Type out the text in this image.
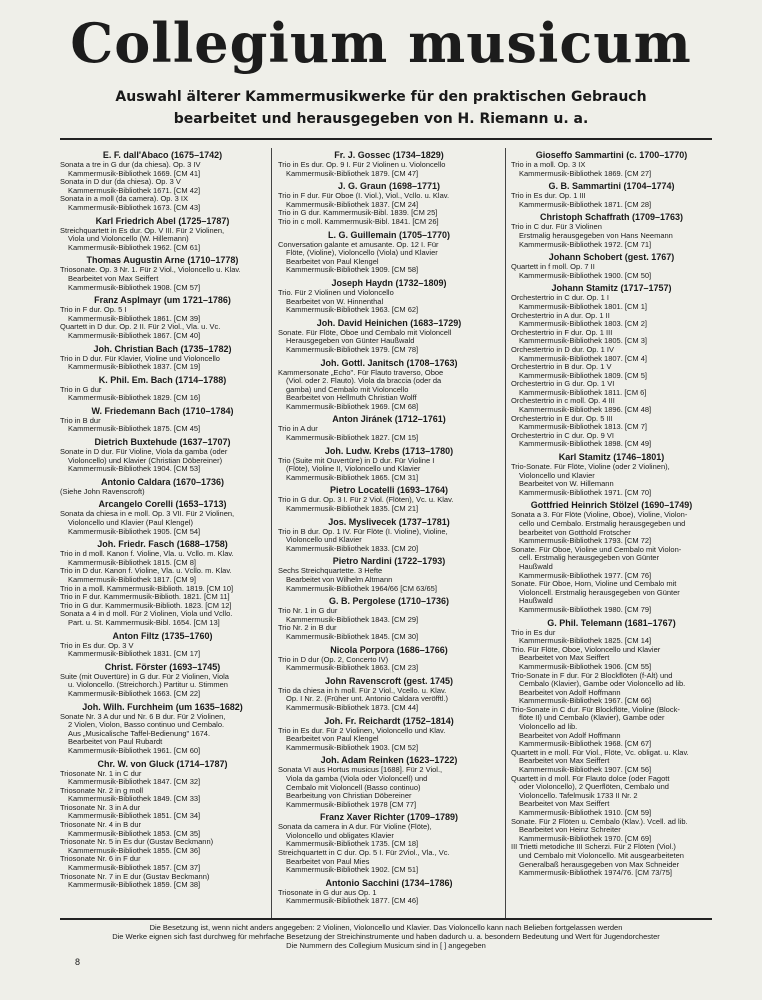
Collegium musicum
Auswahl älterer Kammermusikwerke für den praktischen Gebrauch
bearbeitet und herausgegeben von H. Riemann u. a.
E. F. dall'Abaco (1675–1742)
Sonata a tre in G dur (da chiesa). Op. 3 IV
Kammermusik-Bibliothek 1669. [CM 41]
Sonata in D dur (da chiesa). Op. 3 V
Kammermusik-Bibliothek 1671. [CM 42]
Sonata in a moll (da camera). Op. 3 IX
Kammermusik-Bibliothek 1673. [CM 43]
Karl Friedrich Abel (1725–1787)
Streichquartett in Es dur. Op. V III. Für 2 Violinen,
Viola und Violoncello (W. Hillemann)
Kammermusik-Bibliothek 1962. [CM 61]
Thomas Augustin Arne (1710–1778)
Triosonate. Op. 3 Nr. 1. Für 2 Viol., Violoncello u. Klav.
Bearbeitet von Max Seiffert
Kammermusik-Bibliothek 1908. [CM 57]
Franz Asplmayr (um 1721–1786)
Trio in F dur. Op. 5 I
Kammermusik-Bibliothek 1861. [CM 39]
Quartett in D dur. Op. 2 II. Für 2 Viol., Vla. u. Vc.
Kammermusik-Bibliothek 1867. [CM 40]
Joh. Christian Bach (1735–1782)
Trio in D dur. Für Klavier, Violine und Violoncello
Kammermusik-Bibliothek 1837. [CM 19]
K. Phil. Em. Bach (1714–1788)
Trio in G dur
Kammermusik-Bibliothek 1829. [CM 16]
W. Friedemann Bach (1710–1784)
Trio in B dur
Kammermusik-Bibliothek 1875. [CM 45]
Dietrich Buxtehude (1637–1707)
Sonate in D dur. Für Violine, Viola da gamba (oder
Violoncello) und Klavier (Christian Döbereiner)
Kammermusik-Bibliothek 1904. [CM 53]
Antonio Caldara (1670–1736)
(Siehe John Ravenscroft)
Arcangelo Corelli (1653–1713)
Sonata da chiesa in e moll. Op. 3 VII. Für 2 Violinen,
Violoncello und Klavier (Paul Klengel)
Kammermusik-Bibliothek 1905. [CM 54]
Joh. Friedr. Fasch (1688–1758)
Trio in d moll. Kanon f. Violine, Vla. u. Vcllo. m. Klav.
Kammermusik-Bibliothek 1815. [CM 8]
Trio in D dur. Kanon f. Violine, Vla. u. Vcllo. m. Klav.
Kammermusik-Bibliothek 1817. [CM 9]
Trio in a moll. Kammermusik-Biblioth. 1819. [CM 10]
Trio in F dur. Kammermusik-Biblioth. 1821. [CM 11]
Trio in G dur. Kammermusik-Biblioth. 1823. [CM 12]
Sonata a 4 in d moll. Für 2 Violinen, Viola und Vcllo.
Part. u. St. Kammermusik-Bibl. 1654. [CM 13]
Anton Filtz (1735–1760)
Trio in Es dur. Op. 3 V
Kammermusik-Bibliothek 1831. [CM 17]
Christ. Förster (1693–1745)
Suite (mit Ouvertüre) in G dur. Für 2 Violinen, Viola
u. Violoncello. (Streichorch.) Partitur u. Stimmen
Kammermusik-Bibliothek 1663. [CM 22]
Joh. Wilh. Furchheim (um 1635–1682)
Sonate Nr. 3 A dur und Nr. 6 B dur. Für 2 Violinen,
2 Violen, Violon, Basso continuo und Cembalo.
Aus „Musicalische Taffel-Bedienung" 1674.
Bearbeitet von Paul Rubardt
Kammermusik-Bibliothek 1961. [CM 60]
Chr. W. von Gluck (1714–1787)
Triosonate Nr. 1 in C dur
Kammermusik-Bibliothek 1847. [CM 32]
Triosonate Nr. 2 in g moll
Kammermusik-Bibliothek 1849. [CM 33]
Triosonate Nr. 3 in A dur
Kammermusik-Bibliothek 1851. [CM 34]
Triosonate Nr. 4 in B dur
Kammermusik-Bibliothek 1853. [CM 35]
Triosonate Nr. 5 in Es dur (Gustav Beckmann)
Kammermusik-Bibliothek 1855. [CM 36]
Triosonate Nr. 6 in F dur
Kammermusik-Bibliothek 1857. [CM 37]
Triosonate Nr. 7 in E dur (Gustav Beckmann)
Kammermusik-Bibliothek 1859. [CM 38]
Fr. J. Gossec (1734–1829)
Trio in Es dur. Op. 9 I. Für 2 Violinen u. Violoncello
Kammermusik-Bibliothek 1879. [CM 47]
J. G. Graun (1698–1771)
Trio in F dur. Für Oboe (I. Viol.), Viol., Vcllo. u. Klav.
Kammermusik-Bibliothek 1837. [CM 24]
Trio in G dur. Kammermusik-Bibl. 1839. [CM 25]
Trio in c moll. Kammermusik-Bibl. 1841. [CM 26]
L. G. Guillemain (1705–1770)
Conversation galante et amusante. Op. 12 I. Für
Flöte, (Violine), Violoncello (Viola) und Klavier
Bearbeitet von Paul Klengel
Kammermusik-Bibliothek 1909. [CM 58]
Joseph Haydn (1732–1809)
Trio. Für 2 Violinen und Violoncello
Bearbeitet von W. Hinnenthal
Kammermusik-Bibliothek 1963. [CM 62]
Joh. David Heinichen (1683–1729)
Sonate. Für Flöte, Oboe und Cembalo mit Violoncell
Herausgegeben von Günter Haußwald
Kammermusik-Bibliothek 1979. [CM 78]
Joh. Gottl. Janitsch (1708–1763)
Kammersonate „Echo". Für Flauto traverso, Oboe
(Viol. oder 2. Flauto). Viola da braccia (oder da
gamba) und Cembalo mit Violoncello
Bearbeitet von Hellmuth Christian Wolff
Kammermusik-Bibliothek 1969. [CM 68]
Anton Jiránek (1712–1761)
Trio in A dur
Kammermusik-Bibliothek 1827. [CM 15]
Joh. Ludw. Krebs (1713–1780)
Trio (Suite mit Ouvertüre) in D dur. Für Violine I
(Flöte), Violine II, Violoncello und Klavier
Kammermusik-Bibliothek 1865. [CM 31]
Pietro Locatelli (1693–1764)
Trio in G dur. Op. 3 I. Für 2 Viol. (Flöten), Vc. u. Klav.
Kammermusik-Bibliothek 1835. [CM 21]
Jos. Myslivecek (1737–1781)
Trio in B dur. Op. 1 IV. Für Flöte (I. Violine), Violine,
Violoncello und Klavier
Kammermusik-Bibliothek 1833. [CM 20]
Pietro Nardini (1722–1793)
Sechs Streichquartette. 3 Hefte
Bearbeitet von Wilhelm Altmann
Kammermusik-Bibliothek 1964/66 [CM 63/65]
G. B. Pergolese (1710–1736)
Trio Nr. 1 in G dur
Kammermusik-Bibliothek 1843. [CM 29]
Trio Nr. 2 in B dur
Kammermusik-Bibliothek 1845. [CM 30]
Nicola Porpora (1686–1766)
Trio in D dur (Op. 2, Concerto IV)
Kammermusik-Bibliothek 1863. [CM 23]
John Ravenscroft (gest. 1745)
Trio da chiesa in h moll. Für 2 Viol., Vcello. u. Klav.
Op. I Nr. 2. (Früher unt. Antonio Caldara veröfftl.)
Kammermusik-Bibliothek 1873. [CM 44]
Joh. Fr. Reichardt (1752–1814)
Trio in Es dur. Für 2 Violinen, Violoncello und Klav.
Bearbeitet von Paul Klengel
Kammermusik-Bibliothek 1903. [CM 52]
Joh. Adam Reinken (1623–1722)
Sonata VI aus Hortus musicus [1688]. Für 2 Viol.,
Viola da gamba (Viola oder Violoncell) und
Cembalo mit Violoncell (Basso continuo)
Bearbeitung von Christian Döbereiner
Kammermusik-Bibliothek 1978 [CM 77]
Franz Xaver Richter (1709–1789)
Sonata da camera in A dur. Für Violine (Flöte),
Violoncello und obligates Klavier
Kammermusik-Bibliothek 1735. [CM 18]
Streichquartett in C dur. Op. 5 I. Für 2Viol., Vla., Vc.
Bearbeitet von Paul Mies
Kammermusik-Bibliothek 1902. [CM 51]
Antonio Sacchini (1734–1786)
Triosonate in G dur aus Op. 1
Kammermusik-Bibliothek 1877. [CM 46]
Gioseffo Sammartini (c. 1700–1770)
Trio in a moll. Op. 3 IX
Kammermusik-Bibliothek 1869. [CM 27]
G. B. Sammartini (1704–1774)
Trio in Es dur. Op. 1 III
Kammermusik-Bibliothek 1871. [CM 28]
Christoph Schaffrath (1709–1763)
Trio in C dur. Für 3 Violinen
Erstmalig herausgegeben von Hans Neemann
Kammermusik-Bibliothek 1972. [CM 71]
Johann Schobert (gest. 1767)
Quartett in f moll. Op. 7 II
Kammermusik-Bibliothek 1900. [CM 50]
Johann Stamitz (1717–1757)
Orchestertrio in C dur. Op. 1 I
Kammermusik-Bibliothek 1801. [CM 1]
Orchestertrio in A dur. Op. 1 II
Kammermusik-Bibliothek 1803. [CM 2]
Orchestertrio in F dur. Op. 1 III
Kammermusik-Bibliothek 1805. [CM 3]
Orchestertrio in D dur. Op. 1 IV
Kammermusik-Bibliothek 1807. [CM 4]
Orchestertrio in B dur. Op. 1 V
Kammermusik-Bibliothek 1809. [CM 5]
Orchestertrio in G dur. Op. 1 VI
Kammermusik-Bibliothek 1811. [CM 6]
Orchestertrio in c moll. Op. 4 III
Kammermusik-Bibliothek 1896. [CM 48]
Orchestertrio in E dur. Op. 5 III
Kammermusik-Bibliothek 1813. [CM 7]
Orchestertrio in C dur. Op. 9 VI
Kammermusik-Bibliothek 1898. [CM 49]
Karl Stamitz (1746–1801)
Trio-Sonate. Für Flöte, Violine (oder 2 Violinen),
Violoncello und Klavier
Bearbeitet von W. Hillemann
Kammermusik-Bibliothek 1971. [CM 70]
Gottfried Heinrich Stölzel (1690–1749)
Sonata a 3. Für Flöte (Violine, Oboe), Violine, Violon-
cello und Cembalo. Erstmalig herausgegeben und
bearbeitet von Gotthold Frotscher
Kammermusik-Bibliothek 1793. [CM 72]
Sonate. Für Oboe, Violine und Cembalo mit Violon-
cell. Erstmalig herausgegeben von Günter
Haußwald
Kammermusik-Bibliothek 1977. [CM 76]
Sonate. Für Oboe, Horn, Violine und Cembalo mit
Violoncell. Erstmalig herausgegeben von Günter
Haußwald
Kammermusik-Bibliothek 1980. [CM 79]
G. Phil. Telemann (1681–1767)
Trio in Es dur
Kammermusik-Bibliothek 1825. [CM 14]
Trio. Für Flöte, Oboe, Violoncello und Klavier
Bearbeitet von Max Seiffert
Kammermusik-Bibliothek 1906. [CM 55]
Trio-Sonate in F dur. Für 2 Blockflöten (f-Alt) und
Cembalo (Klavier), Gambe oder Violoncello ad lib.
Bearbeitet von Adolf Hoffmann
Kammermusik-Bibliothek 1967. [CM 66]
Trio-Sonate in C dur. Für Blockflöte, Violine (Block-
flöte II) und Cembalo (Klavier), Gambe oder
Violoncello ad lib.
Bearbeitet von Adolf Hoffmann
Kammermusik-Bibliothek 1968. [CM 67]
Quartett in e moll. Für Viol., Flöte, Vc. obligat. u. Klav.
Bearbeitet von Max Seiffert
Kammermusik-Bibliothek 1907. [CM 56]
Quartett in d moll. Für Flauto dolce (oder Fagott
oder Violoncello), 2 Querflöten, Cembalo und
Violoncello. Tafelmusik 1733 II Nr. 2
Bearbeitet von Max Seiffert
Kammermusik-Bibliothek 1910. [CM 59]
Sonate. Für 2 Flöten u. Cembalo (Klav.). Vcell. ad lib.
Bearbeitet von Heinz Schreiter
Kammermusik-Bibliothek 1970. [CM 69]
III Trietti metodiche III Scherzi. Für 2 Flöten (Viol.)
und Cembalo mit Violoncello. Mit ausgearbeiteten
Generalbaß herausgegeben von Max Schneider
Kammermusik-Bibliothek 1974/76. [CM 73/75]
Die Besetzung ist, wenn nicht anders angegeben: 2 Violinen, Violoncello und Klavier. Das Violoncello kann nach Belieben fortgelassen werden
Die Werke eignen sich fast durchweg für mehrfache Besetzung der Streichinstrumente und haben dadurch u. a. besondern Bedeutung und Wert für Jugendorchester
Die Nummern des Collegium Musicum sind in [ ] angegeben
8
